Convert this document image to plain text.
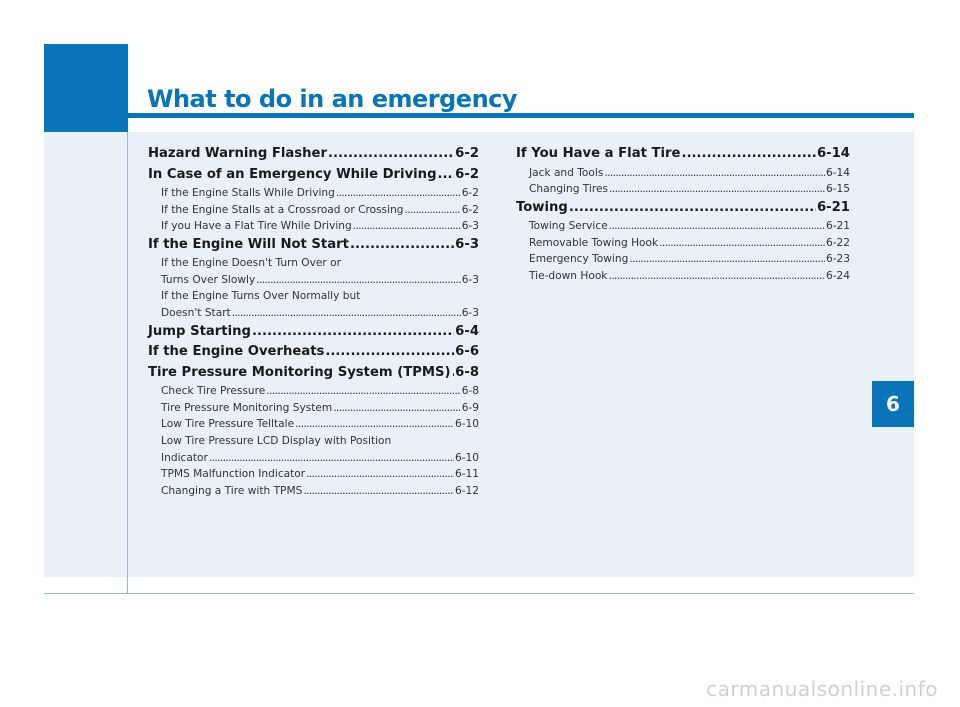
What to do in an emergency
Hazard Warning Flasher .....	6-2
In Case of an Emergency While Driving ..... 6-2
If the Engine Stalls While Driving .....	6-2
If the Engine Stalls at a Crossroad or Crossing .....	6-2
If you Have a Flat Tire While Driving .....	6-3
If the Engine Will Not Start .....	6-3
If the Engine Doesn't Turn Over or
Turns Over Slowly .....	6-3
If the Engine Turns Over Normally but
Doesn't Start .....	6-3
Jump Starting .....	6-4
If the Engine Overheats .....	6-6
Tire Pressure Monitoring System (TPMS) ..... 6-8
Check Tire Pressure .....	6-8
Tire Pressure Monitoring System .....	6-9
Low Tire Pressure Telltale .....	6-10
Low Tire Pressure LCD Display with Position
Indicator .....	6-10
TPMS Malfunction Indicator .....	6-11
Changing a Tire with TPMS .....	6-12
If You Have a Flat Tire .....	6-14
Jack and Tools .....	6-14
Changing Tires .....	6-15
Towing .....	6-21
Towing Service .....	6-21
Removable Towing Hook .....	6-22
Emergency Towing .....	6-23
Tie-down Hook .....	6-24
6
carmanualsonline.info
